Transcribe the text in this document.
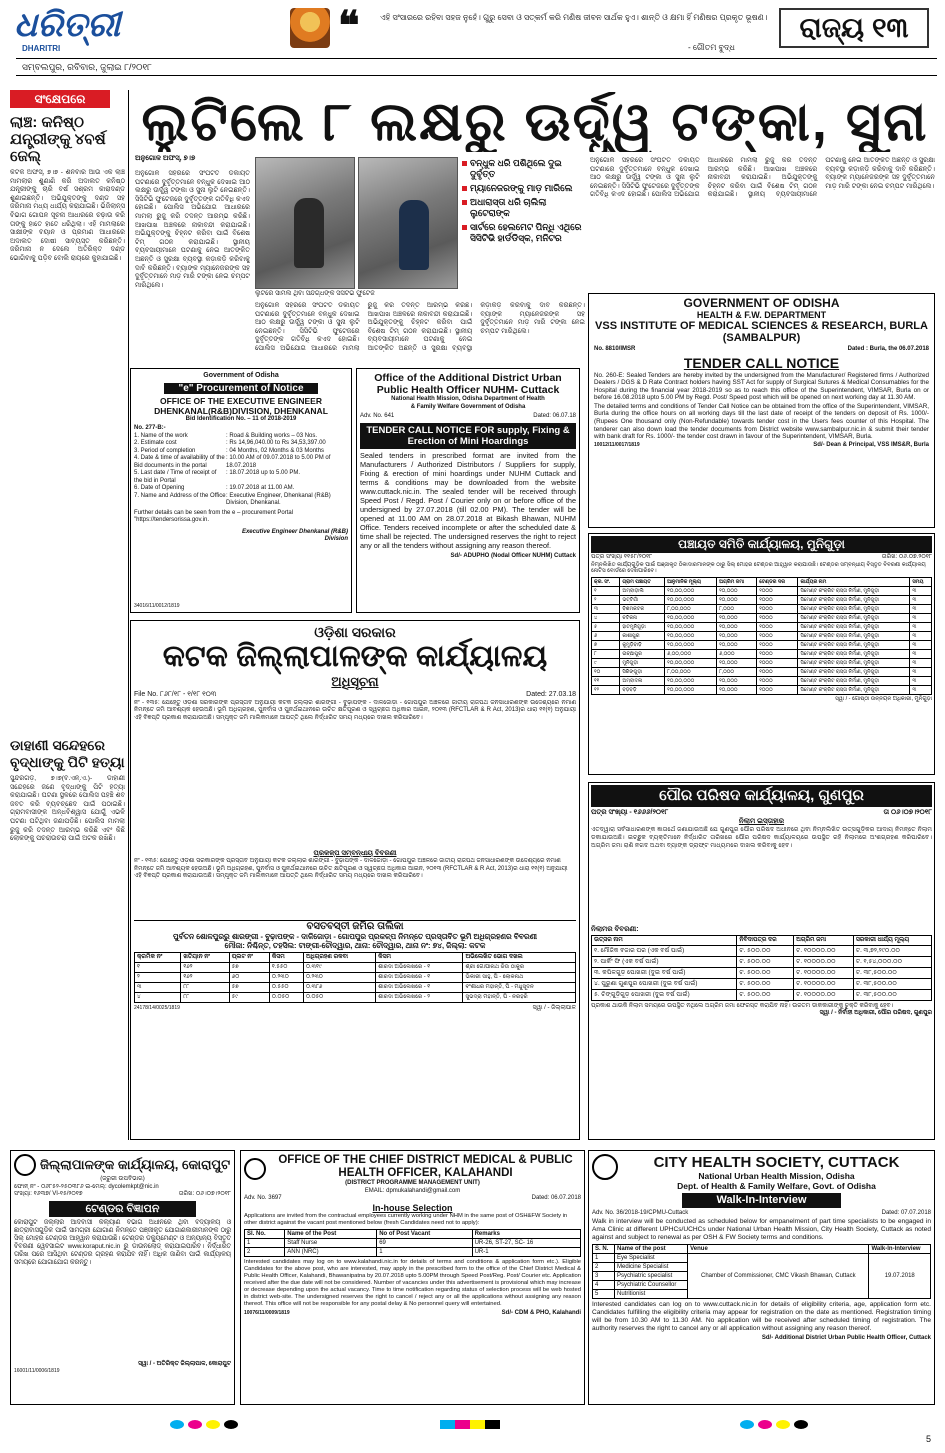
ଧରିତ୍ରୀ
DHARITRI
❝	ଏହି ସଂସାରରେ ରହିବା ସହଜ ନୁହେଁ। ଗୁରୁ ସେବା ଓ ସତ୍‌କର୍ମ କରି ମଣିଷ ଜୀବନ ସାର୍ଥକ ହୁଏ। ଶାନ୍ତି ଓ କ୍ଷମା ହିଁ ମଣିଷର ପ୍ରକୃତ ଭୂଷଣ।
- ଗୌତମ ବୁଦ୍ଧ
ରାଜ୍ୟ ୧୩
ସମ୍ବଲପୁର, ରବିବାର, ଜୁଲାଇ ୮/୨୦୧୮
ସଂକ୍ଷେପରେ
ଲାଞ୍ଚ: କନିଷ୍ଠ ଯନ୍ତ୍ରୀଙ୍କୁ ୪ବର୍ଷ ଜେଲ୍
କଟକ ଅଫିସ୍, ୭।୭ - ଶନିବାର ଆଉ ଏକ ଲାଞ୍ଚ ମାମଲାର ଶୁଣାଣି କରି ଅଦାଲତ କନିଷ୍ଠ ଯନ୍ତ୍ରୀଙ୍କୁ ଚାରି ବର୍ଷ ସଶ୍ରମ କାରାଦଣ୍ଡ ଶୁଣାଇଛନ୍ତି। ଅଭିଯୁକ୍ତଙ୍କୁ ଦଣ୍ଡ ସହ ଜରିମାନା ମଧ୍ୟ ଧାର୍ଯ୍ୟ କରାଯାଇଛି। ଭିଜିଲାନ୍ସ ବିଭାଗ ଗୋପନ ସୂଚନା ଆଧାରରେ ଚଢ଼ାଉ କରି ତାଙ୍କୁ ହାତେ ହାତେ ଧରିଥିଲା। ଏହି ମାମଲାରେ ସାକ୍ଷୀଙ୍କ ବୟାନ ଓ ପ୍ରମାଣ ଆଧାରରେ ଅଦାଲତ ଦୋଷୀ ସାବ୍ୟସ୍ତ କରିଛନ୍ତି। ଜରିମାନା ନ ଦେଲେ ଅତିରିକ୍ତ ଦଣ୍ଡ ଭୋଗିବାକୁ ପଡ଼ିବ ବୋଲି ରାୟରେ କୁହାଯାଇଛି।
ଡାହାଣୀ ସନ୍ଦେହରେ ବୃଦ୍ଧାଙ୍କୁ ପିଟି ହତ୍ୟା
ସୁନ୍ଦରଗଡ଼, ୭।୭(ବି.ଏନ୍.ଏ.)- ଡାହାଣୀ ସନ୍ଦେହରେ ଜଣେ ବୃଦ୍ଧାଙ୍କୁ ପିଟି ହତ୍ୟା କରାଯାଇଛି। ଘଟଣା ସ୍ଥଳରେ ପୋଲିସ ପହଞ୍ଚି ଶବ ଜବତ କରି ବ୍ୟବଚ୍ଛେଦ ପାଇଁ ପଠାଇଛି। ଗ୍ରାମବାସୀଙ୍କ ଅନ୍ଧବିଶ୍ୱାସ ଯୋଗୁଁ ଏଭଳି ଘଟଣା ଘଟିଥିବା ଜଣାପଡ଼ିଛି। ପୋଲିସ ମାମଲା ରୁଜୁ କରି ତଦନ୍ତ ଆରମ୍ଭ କରିଛି ଏବଂ କିଛି ଲୋକଙ୍କୁ ପଚରାଉଚରା ପାଇଁ ଅଟକ ରଖିଛି।
ଲୁଟିଲେ ୮ ଲକ୍ଷରୁ ଊର୍ଦ୍ଧ୍ୱ ଟଙ୍କା, ସୁନା
ଅନୁଗୋଳ ଅଫିସ୍, ୭।୭
ଅନୁଗୋଳ ସହରରେ ସଂଘଟିତ ଡକାୟତି ଘଟଣାରେ ଦୁର୍ବୃତ୍ତମାନେ ବନ୍ଧୁକ ଦେଖାଇ ଆଠ ଲକ୍ଷରୁ ଊର୍ଦ୍ଧ୍ୱ ଟଙ୍କା ଓ ସୁନା ଲୁଟି ନେଇଛନ୍ତି। ସିସିଟିଭି ଫୁଟେଜରେ ଦୁର୍ବୃତ୍ତଙ୍କ ଗତିବିଧି କଏଦ ହୋଇଛି। ପୋଲିସ ଅଭିଯୋଗ ଆଧାରରେ ମାମଲା ରୁଜୁ କରି ତଦନ୍ତ ଆରମ୍ଭ କରିଛି। ଆଖପାଖ ଅଞ୍ଚଳରେ ନାକାବନ୍ଦୀ କରାଯାଇଛି। ଅଭିଯୁକ୍ତଙ୍କୁ ଚିହ୍ନଟ କରିବା ପାଇଁ ବିଶେଷ ଟିମ୍ ଗଠନ କରାଯାଇଛି। ସ୍ଥାନୀୟ ବ୍ୟବସାୟୀମାନେ ଘଟଣାକୁ ନେଇ ଆତଙ୍କିତ ଅଛନ୍ତି ଓ ସୁରକ୍ଷା ବ୍ୟବସ୍ଥା କଡ଼ାକଡ଼ି କରିବାକୁ ଦାବି କରିଛନ୍ତି। ବ୍ୟାଙ୍କ ମ୍ୟାନେଜରଙ୍କ ସହ ଦୁର୍ବୃତ୍ତମାନେ ମାଡ଼ ମାରି ଟଙ୍କା ନେଇ ଚମ୍ପଟ ମାରିଥିଲେ।
ଲୁଟରେ ସାମିଲ ଥିବା ସନ୍ଦିଗ୍ଧଙ୍କ ସିସିଟିଭି ଫୁଟେଜ
ବନ୍ଧୁକ ଧରି ପଶିଥିଲେ ଦୁଇ ଦୁର୍ବୃତ୍ତ
ମ୍ୟାନେଜରଙ୍କୁ ମାଡ଼ ମାରିଲେ
ଅଧାରାସ୍ତା ଧରି ଚାଲିଲା ଲୁଟେରାଙ୍କ
ସାର୍ଟରେ ହେଲମେଟ ପିନ୍ଧି ଏଥିରେ ସିସିଟିଭି ହାର୍ଡଡିସ୍କ, ମନିଟର
ଅନୁଗୋଳ ସହରରେ ସଂଘଟିତ ଡକାୟତି ଘଟଣାରେ ଦୁର୍ବୃତ୍ତମାନେ ବନ୍ଧୁକ ଦେଖାଇ ଆଠ ଲକ୍ଷରୁ ଊର୍ଦ୍ଧ୍ୱ ଟଙ୍କା ଓ ସୁନା ଲୁଟି ନେଇଛନ୍ତି। ସିସିଟିଭି ଫୁଟେଜରେ ଦୁର୍ବୃତ୍ତଙ୍କ ଗତିବିଧି କଏଦ ହୋଇଛି। ପୋଲିସ ଅଭିଯୋଗ ଆଧାରରେ ମାମଲା ରୁଜୁ କରି ତଦନ୍ତ ଆରମ୍ଭ କରିଛି। ଆଖପାଖ ଅଞ୍ଚଳରେ ନାକାବନ୍ଦୀ କରାଯାଇଛି। ଅଭିଯୁକ୍ତଙ୍କୁ ଚିହ୍ନଟ କରିବା ପାଇଁ ବିଶେଷ ଟିମ୍ ଗଠନ କରାଯାଇଛି। ସ୍ଥାନୀୟ ବ୍ୟବସାୟୀମାନେ ଘଟଣାକୁ ନେଇ ଆତଙ୍କିତ ଅଛନ୍ତି ଓ ସୁରକ୍ଷା ବ୍ୟବସ୍ଥା କଡ଼ାକଡ଼ି କରିବାକୁ ଦାବି କରିଛନ୍ତି। ବ୍ୟାଙ୍କ ମ୍ୟାନେଜରଙ୍କ ସହ ଦୁର୍ବୃତ୍ତମାନେ ମାଡ଼ ମାରି ଟଙ୍କା ନେଇ ଚମ୍ପଟ ମାରିଥିଲେ।
ଅନୁଗୋଳ ସହରରେ ସଂଘଟିତ ଡକାୟତି ଘଟଣାରେ ଦୁର୍ବୃତ୍ତମାନେ ବନ୍ଧୁକ ଦେଖାଇ ଆଠ ଲକ୍ଷରୁ ଊର୍ଦ୍ଧ୍ୱ ଟଙ୍କା ଓ ସୁନା ଲୁଟି ନେଇଛନ୍ତି। ସିସିଟିଭି ଫୁଟେଜରେ ଦୁର୍ବୃତ୍ତଙ୍କ ଗତିବିଧି କଏଦ ହୋଇଛି। ପୋଲିସ ଅଭିଯୋଗ ଆଧାରରେ ମାମଲା ରୁଜୁ କରି ତଦନ୍ତ ଆରମ୍ଭ କରିଛି। ଆଖପାଖ ଅଞ୍ଚଳରେ ନାକାବନ୍ଦୀ କରାଯାଇଛି। ଅଭିଯୁକ୍ତଙ୍କୁ ଚିହ୍ନଟ କରିବା ପାଇଁ ବିଶେଷ ଟିମ୍ ଗଠନ କରାଯାଇଛି। ସ୍ଥାନୀୟ ବ୍ୟବସାୟୀମାନେ ଘଟଣାକୁ ନେଇ ଆତଙ୍କିତ ଅଛନ୍ତି ଓ ସୁରକ୍ଷା ବ୍ୟବସ୍ଥା କଡ଼ାକଡ଼ି କରିବାକୁ ଦାବି କରିଛନ୍ତି। ବ୍ୟାଙ୍କ ମ୍ୟାନେଜରଙ୍କ ସହ ଦୁର୍ବୃତ୍ତମାନେ ମାଡ଼ ମାରି ଟଙ୍କା ନେଇ ଚମ୍ପଟ ମାରିଥିଲେ।
Government of Odisha
"e" Procurement of Notice
OFFICE OF THE EXECUTIVE ENGINEER DHENKANAL(R&B)DIVISION, DHENKANAL
Bid Identification No. – 11 of 2018-2019
No. 277-B:-
1. Name of the work	: Road & Building works – 03 Nos.
2. Estimate cost	: Rs 14,96,040.00 to Rs 34,53,397.00
3. Period of completion	: 04 Months, 02 Months & 03 Months
4. Date & time of availability of the Bid documents in the portal
: 10.00 AM of 09.07.2018 to 5.00 PM of 18.07.2018
5. Last date / Time of receipt of the bid in Portal
: 18.07.2018 up to 5.00 PM.
6. Date of Opening	: 19.07.2018 at 11.00 AM.
7. Name and Address of the Office : Executive Engineer, Dhenkanal (R&B) Division, Dhenkanal.
Further details can be seen from the e – procurement Portal "https://tendersorissa.gov.in.
Executive Engineer Dhenkanal (R&B) Division
34016/11/0012/1819
Office of the Additional District Urban Public Health Officer NUHM- Cuttack
National Health Mission, Odisha Department of Health & Family Welfare Government of Odisha
Adv. No. 641	Dated: 06.07.18
TENDER CALL NOTICE FOR supply, Fixing & Erection of Mini Hoardings
Sealed tenders in prescribed format are invited from the Manufacturers / Authorized Distributors / Suppliers for supply, Fixing & erection of mini hoardings under NUHM Cuttack and terms & conditions may be downloaded from the website www.cuttack.nic.in. The sealed tender will be received through Speed Post / Regd. Post / Courier only on or before office of the undersigned by 27.07.2018 (till 02.00 PM). The tender will be opened at 11.00 AM on 28.07.2018 at Bikash Bhawan, NUHM Office. Tenders received incomplete or after the scheduled date & time shall be rejected. The undersigned reserves the right to reject any or all the tenders without assigning any reason thereof.
Sd/- ADUPHO (Nodal Officer NUHM) Cuttack
GOVERNMENT OF ODISHA
HEALTH & F.W. DEPARTMENT
VSS INSTITUTE OF MEDICAL SCIENCES & RESEARCH, BURLA (SAMBALPUR)
No. 8810/IMSR	Dated : Burla, the 06.07.2018
TENDER CALL NOTICE
No. 260-E: Sealed Tenders are hereby invited by the undersigned from the Manufacturer/ Registered firms / Authorized Dealers / DGS & D Rate Contract holders having SST Act for supply of Surgical Sutures & Medical Consumables for the Hospital during the financial year 2018-2019 so as to reach this office of the Superintendent, VIMSAR, Burla on or before 16.08.2018 upto 5.00 PM by Regd. Post/ Speed post which will be opened on next working day at 11.30 AM.
The detailed terms and conditions of Tender Call Notice can be obtained from the office of the Superintendent, VIMSAR, Burla during the office hours on all working days till the last date of receipt of the tenders on deposit of Rs. 1000/- (Rupees One thousand only (Non-Refundable) towards tender cost in the Users fees counter of this Hospital. The tenderer can also down load the tender documents from District website www.sambalpur.nic.in & submit their tender with bank draft for Rs. 1000/- the tender cost drawn in favour of the Superintendent, VIMSAR, Burla.
10012/11/0017/1819	Sd/- Dean & Principal, VSS IMS&R, Burla
ପଞ୍ଚାୟତ ସମିତି କାର୍ଯ୍ୟାଳୟ, ମୁନିଗୁଡ଼ା
ପତ୍ର ସଂଖ୍ୟା ୧୧୫୮/୨୦୧୮	ତାରିଖ: ୦୬.୦୭.୨୦୧୮
ନିମ୍ନଲିଖିତ କାର୍ଯ୍ୟଗୁଡ଼ିକ ପାଇଁ ପଞ୍ଜୀକୃତ ଠିକାଦାରମାନଙ୍କ ଠାରୁ ସିଲ୍ ମୋହର ଟେଣ୍ଡର ଆହ୍ୱାନ କରାଯାଉଛି। ଟେଣ୍ଡର ସମ୍ବନ୍ଧୀୟ ବିସ୍ତୃତ ବିବରଣୀ କାର୍ଯ୍ୟାଳୟ ନୋଟିସ ବୋର୍ଡରେ ଦେଖିପାରିବେ।
କ୍ର. ସଂ.	ଗ୍ରାମ ପଞ୍ଚାୟତ	ଆନୁମାନିକ ମୂଲ୍ୟ	ଅଗ୍ରିମ ଜମା	ଟେଣ୍ଡର ଦର	କାର୍ଯ୍ୟର ନାମ	ସମୟ
୧	ଅମ୍ବାଡ଼ାଲି	୧୦,୦୦,୦୦୦	୧୦,୦୦୦	୧୦୦୦	ସିମେଣ୍ଟ କଂକ୍ରିଟ ରାସ୍ତା ନିର୍ମାଣ, ମୁନିଗୁଡ଼ା	୩
୨	ଭଟ୍ଟିଗାଁ	୧୦,୦୦,୦୦୦	୧୦,୦୦୦	୧୦୦୦	ସିମେଣ୍ଟ କଂକ୍ରିଟ ରାସ୍ତା ନିର୍ମାଣ, ମୁନିଗୁଡ଼ା	୩
୩	ବିଶମକଟକ	୮,୦୦,୦୦୦	୮,୦୦୦	୧୦୦୦	ସିମେଣ୍ଟ କଂକ୍ରିଟ ରାସ୍ତା ନିର୍ମାଣ, ମୁନିଗୁଡ଼ା	୩
୪	ଚଟିକନା	୧୦,୦୦,୦୦୦	୧୦,୦୦୦	୧୦୦୦	ସିମେଣ୍ଟ କଂକ୍ରିଟ ରାସ୍ତା ନିର୍ମାଣ, ମୁନିଗୁଡ଼ା	୩
୫	ହାଟମୁନିଗୁଡ଼ା	୧୦,୦୦,୦୦୦	୧୦,୦୦୦	୧୦୦୦	ସିମେଣ୍ଟ କଂକ୍ରିଟ ରାସ୍ତା ନିର୍ମାଣ, ମୁନିଗୁଡ଼ା	୩
୬	କାଶୀପୁର	୧୦,୦୦,୦୦୦	୧୦,୦୦୦	୧୦୦୦	ସିମେଣ୍ଟ କଂକ୍ରିଟ ରାସ୍ତା ନିର୍ମାଣ, ମୁନିଗୁଡ଼ା	୩
୭	କୁମୁଡ଼ିବାଡ଼ି	୧୦,୦୦,୦୦୦	୧୦,୦୦୦	୧୦୦୦	ସିମେଣ୍ଟ କଂକ୍ରିଟ ରାସ୍ତା ନିର୍ମାଣ, ମୁନିଗୁଡ଼ା	୩
୮	ଇଚ୍ଛାପୁର	୬,୦୦,୦୦୦	୬,୦୦୦	୧୦୦୦	ସିମେଣ୍ଟ କଂକ୍ରିଟ ରାସ୍ତା ନିର୍ମାଣ, ମୁନିଗୁଡ଼ା	୩
୯	ମୁନିଗୁଡ଼ା	୧୦,୦୦,୦୦୦	୧୦,୦୦୦	୧୦୦୦	ସିମେଣ୍ଟ କଂକ୍ରିଟ ରାସ୍ତା ନିର୍ମାଣ, ମୁନିଗୁଡ଼ା	୩
୧୦	ସିରିଙ୍ଗୁଡ଼ା	୮,୦୦,୦୦୦	୮,୦୦୦	୧୦୦୦	ସିମେଣ୍ଟ କଂକ୍ରିଟ ରାସ୍ତା ନିର୍ମାଣ, ମୁନିଗୁଡ଼ା	୩
୧୧	ଅମ୍ବାଦଳା	୧୦,୦୦,୦୦୦	୧୦,୦୦୦	୧୦୦୦	ସିମେଣ୍ଟ କଂକ୍ରିଟ ରାସ୍ତା ନିର୍ମାଣ, ମୁନିଗୁଡ଼ା	୩
୧୨	ବଡ଼ବଡ଼ି	୧୦,୦୦,୦୦୦	୧୦,୦୦୦	୧୦୦୦	ସିମେଣ୍ଟ କଂକ୍ରିଟ ରାସ୍ତା ନିର୍ମାଣ, ମୁନିଗୁଡ଼ା	୩
ସ୍ୱା / - ଗୋଷ୍ଠୀ ଉନ୍ନୟନ ଅଧିକାରୀ, ମୁନିଗୁଡ଼ା
ଓଡ଼ିଶା ସରକାର
କଟକ ଜିଲ୍ଲାପାଳଙ୍କ କାର୍ଯ୍ୟାଳୟ
ଅଧିସୂଚନା
File No. ୮୬୮/୧୮ - ୧/୧୮ ୧୦୩	Dated: 27.03.18
ନଂ - ୧୩୫: ଯେହେତୁ ଓଡ଼ିଶା ସରକାରଙ୍କ ପ୍ରସ୍ତାବ ଅନୁଯାୟୀ କଟକ ଜିଲ୍ଲାର ଶାରଙ୍ଗୀ - ବୁଢ଼ାପଙ୍କ - ଦାଳିଜୋଡ଼ା - ଗୋପପୁର ଅଞ୍ଚଳରେ ଜାତୀୟ ରାଜପଥ ଜନସାଧାରଣଙ୍କ ଉଦ୍ଦେଶ୍ୟରେ ନିର୍ମାଣ ନିମନ୍ତେ ଜମି ଆବଶ୍ୟକ ହେଉଅଛି। ଭୂମି ଅଧିଗ୍ରହଣ, ପୁନର୍ବାସ ଓ ପୁନର୍ଥଇଥାନରେ ଉଚିତ କ୍ଷତିପୂରଣ ଓ ସ୍ୱଚ୍ଛତା ଅଧିକାର ଆଇନ, ୨୦୧୩ (RFCTLAR & R Act, 2013)ର ଧାରା ୧୧(୧) ଅନୁଯାୟୀ ଏହି ବିଜ୍ଞପ୍ତି ପ୍ରକାଶ କରାଯାଉଅଛି। ସମ୍ପୃକ୍ତ ଜମି ମାଲିକମାନେ ଆପତ୍ତି ଥିଲେ ନିର୍ଦ୍ଧାରିତ ସମୟ ମଧ୍ୟରେ ଦାଖଲ କରିପାରିବେ।
ପ୍ରକଳ୍ପ ସମ୍ବନ୍ଧୀୟ ବିବରଣୀ
ନଂ - ୧୩୫: ଯେହେତୁ ଓଡ଼ିଶା ସରକାରଙ୍କ ପ୍ରସ୍ତାବ ଅନୁଯାୟୀ କଟକ ଜିଲ୍ଲାର ଶାରଙ୍ଗୀ - ବୁଢ଼ାପଙ୍କ - ଦାଳିଜୋଡ଼ା - ଗୋପପୁର ଅଞ୍ଚଳରେ ଜାତୀୟ ରାଜପଥ ଜନସାଧାରଣଙ୍କ ଉଦ୍ଦେଶ୍ୟରେ ନିର୍ମାଣ ନିମନ୍ତେ ଜମି ଆବଶ୍ୟକ ହେଉଅଛି। ଭୂମି ଅଧିଗ୍ରହଣ, ପୁନର୍ବାସ ଓ ପୁନର୍ଥଇଥାନରେ ଉଚିତ କ୍ଷତିପୂରଣ ଓ ସ୍ୱଚ୍ଛତା ଅଧିକାର ଆଇନ, ୨୦୧୩ (RFCTLAR & R Act, 2013)ର ଧାରା ୧୧(୧) ଅନୁଯାୟୀ ଏହି ବିଜ୍ଞପ୍ତି ପ୍ରକାଶ କରାଯାଉଅଛି। ସମ୍ପୃକ୍ତ ଜମି ମାଲିକମାନେ ଆପତ୍ତି ଥିଲେ ନିର୍ଦ୍ଧାରିତ ସମୟ ମଧ୍ୟରେ ଦାଖଲ କରିପାରିବେ।
ବସତବସ୍ତୀ ଜମିର ତାଲିକା
ପୁର୍ବତନ ଶୋଳପୁରରୁ ଶାରଙ୍ଗୀ - ବୁଢ଼ାପଙ୍କ - ଦାଳିଜୋଡ଼ା - ଗୋପପୁର ପ୍ରକଳ୍ପ ନିମନ୍ତେ ପ୍ରସ୍ତାବିତ ଭୂମି ଅଧିଗ୍ରହଣର ବିବରଣୀ
ମୌଜା: ନିଶ୍ଚିନ୍ତ, ତହସିଲ: ଟାଙ୍ଗୀ-ଚୌଦ୍ୱାର, ଥାନା: ଚୌଦ୍ୱାର, ଥାନା ନଂ: ୭୪, ଜିଲ୍ଲା: କଟକ
କ୍ରମିକ ନଂ	ଖତିୟାନ ନଂ	ପ୍ଲଟ ନଂ	କିସମ	ଅଧିଗ୍ରହଣ ରକବା	କିସମ	ଅଭିଲେଖିତ ଭୋଗ ଦଖଲ
୧	୧୬୨	୫୭	୧.୫୫୦	୦.୩୧୯	ଶାରଦା ଅଭିଲେଖରେ - ୧	ଶ୍ରୀ ଗୋପୀନାଥ ଜିଉ ଠାକୁର
୨	୧୬୨	୬୦	୦.୨୩୦	୦.୨୩୦	ଶାରଦା ଅଭିଲେଖରେ - ୧	ଭିକାରୀ ସାହୁ, ପି - ଲୋକନାଥ
୩	୮୮	୫୭	୦.୫୫୦	୦.୩୮୬	ଶାରଦା ଅଭିଲେଖରେ - ୧	ବଂଶୀଧର ମହାନ୍ତି, ପି - ମଧୁସୂଦନ
୪	୮୮	୫୯	୦.୦୫୦	୦.୦୫୦	ଶାରଦା ଅଭିଲେଖରେ - ୨	ସୁଭଦ୍ରା ମହାନ୍ତି, ପି - ନରହରି
24178/14/0025/1819	ସ୍ୱା / - ଜିଲ୍ଲାପାଳ
ପୌର ପରିଷଦ କାର୍ଯ୍ୟାଳୟ, ଗୁଣପୁର
ପତ୍ର ସଂଖ୍ୟା - ୧୬୬୬/୨୦୧୮	ତା ୦୬।୦୭।୨୦୧୮
ନିଲାମ ଇସ୍ତାହାର
ଏତଦ୍ୱାରା ସର୍ବସାଧାରଣଙ୍କ ଜ୍ଞାତାର୍ଥେ ଜଣାଯାଉଅଛି ଯେ ଗୁଣପୁର ପୌର ପରିଷଦ ଅଧୀନରେ ଥିବା ନିମ୍ନଲିଖିତ ଉତ୍ସଗୁଡ଼ିକର ଆଦାୟ ନିମନ୍ତେ ନିଲାମ ଡକାଯାଉଅଛି। ଇଚ୍ଛୁକ ବ୍ୟକ୍ତିମାନେ ନିର୍ଦ୍ଧାରିତ ତାରିଖରେ ପୌର ପରିଷଦ କାର୍ଯ୍ୟାଳୟରେ ଉପସ୍ଥିତ ରହି ନିଲାମରେ ଅଂଶଗ୍ରହଣ କରିପାରିବେ। ଅଗ୍ରିମ ଜମା ରାଶି ନଗଦ ଅଥବା ବ୍ୟାଙ୍କ ଡ୍ରାଫ୍ଟ ମାଧ୍ୟମରେ ଦାଖଲ କରିବାକୁ ହେବ।
ନିଲାମର ବିବରଣୀ:
ଉତ୍ସର ନାମ	ନିବିଦାପତ୍ର ଦର	ଅଗ୍ରିମ ଜମା	ସରକାରୀ ଧାର୍ଯ୍ୟ ମୂଲ୍ୟ
୧. ମୌଜିକ ବଜାର ଘର (ଏକ ବର୍ଷ ପାଇଁ)	ଟ. ୫୦୦.୦୦	ଟ. ୧୦୦୦୦.୦୦	ଟ. ୩,୭୨,୨୯୦.୦୦
୨. ପାର୍କିଂ ଫି (ଏକ ବର୍ଷ ପାଇଁ)	ଟ. ୫୦୦.୦୦	ଟ. ୧୦୦୦୦.୦୦	ଟ. ୧,୫୪,୦୦୦.୦୦
୩. କପିଳଗୁଡ଼ ପୋଖରୀ (ଦୁଇ ବର୍ଷ ପାଇଁ)	ଟ. ୫୦୦.୦୦	ଟ. ୧୦୦୦୦.୦୦	ଟ. ୩୮,୫୦୦.୦୦
୪. ପୁରୁଣା ଗୁଣପୁର ପୋଖରୀ (ଦୁଇ ବର୍ଷ ପାଇଁ)	ଟ. ୫୦୦.୦୦	ଟ. ୧୦୦୦୦.୦୦	ଟ. ୩୮,୫୦୦.୦୦
୫. ଚିଙ୍ଗୁଡ଼ିଗୁଡ଼ ପୋଖରୀ (ଦୁଇ ବର୍ଷ ପାଇଁ)	ଟ. ୫୦୦.୦୦	ଟ. ୧୦୦୦୦.୦୦	ଟ. ୩୮,୫୦୦.୦୦
ପ୍ରକାଶ ଥାଉକି ନିଲାମ ସମୟରେ ଉପସ୍ଥିତ ନଥିଲେ ଅଗ୍ରିମ ଜମା ଫେରସ୍ତ କରାଯିବ ନାହିଁ। ଉଚ୍ଚତମ ଡାକକାରୀଙ୍କୁ ଚୁକ୍ତି କରିବାକୁ ହେବ।
ସ୍ୱା / - ନିର୍ବାହୀ ଅଧିକାରୀ, ପୌର ପରିଷଦ, ଗୁଣପୁର
ଜିଲ୍ଲାପାଳଙ୍କ କାର୍ଯ୍ୟାଳୟ, କୋରାପୁଟ
(ଜରୁରୀ ଉପବିଭାଗ)
ଫୋନ୍ ନଂ - ୦୬୮୫୨-୨୫୦୩୮୬ ଇ-ମେଲ୍: dycolemkpt@nic.in
ସଂଖ୍ୟା: ୧୬୩୭/ VI-୧୫/୨୦୧୭	ତାରିଖ: ୦୬।୦୭।୨୦୧୮
ଟେଣ୍ଡର ବିଜ୍ଞାପନ
କୋରାପୁଟ ଜିଲ୍ଲାର ଆଦିବାସୀ କଲ୍ୟାଣ ବିଭାଗ ଅଧୀନରେ ଥିବା ବିଦ୍ୟାଳୟ ଓ ଛାତ୍ରାବାସଗୁଡ଼ିକ ପାଇଁ ସାମଗ୍ରୀ ଯୋଗାଣ ନିମନ୍ତେ ପଞ୍ଜୀକୃତ ଯୋଗାଣକାରୀମାନଙ୍କ ଠାରୁ ସିଲ୍ ମୋହର ଟେଣ୍ଡର ଆହ୍ୱାନ କରାଯାଉଛି। ଟେଣ୍ଡର ଡକ୍ୟୁମେଣ୍ଟ ଓ ଅନ୍ୟାନ୍ୟ ବିସ୍ତୃତ ବିବରଣୀ ୱେବସାଇଟ www.koraput.nic.in ରୁ ଡାଉନଲୋଡ୍ କରାଯାଇପାରିବ। ନିର୍ଦ୍ଧାରିତ ତାରିଖ ପରେ ଆସିଥିବା ଟେଣ୍ଡର ଗ୍ରହଣ କରାଯିବ ନାହିଁ। ଅଧିକ ଜାଣିବା ପାଇଁ କାର୍ଯ୍ୟାଳୟ ସମୟରେ ଯୋଗାଯୋଗ କରନ୍ତୁ।
ସ୍ୱା / - ଅତିରିକ୍ତ ଜିଲ୍ଲାପାଳ, କୋରାପୁଟ
16001/11/0006/1819
OFFICE OF THE CHIEF DISTRICT MEDICAL & PUBLIC HEALTH OFFICER, KALAHANDI
(DISTRICT PROGRAMME MANAGEMENT UNIT)
EMAIL: dpmukalahandi@gmail.com
Adv. No. 3697	Dated: 06.07.2018
In-house Selection
Applications are invited from the contractual employees currently working under NHM in the same post of OSH&FW Society in other district against the vacant post mentioned below (fresh Candidates need not to apply):
Sl. No.	Name of the Post	No of Post Vacant	Remarks
1	Staff Nurse	69	UR-26, ST-27, SC- 16
2	ANN (NRC)	1	UR-1
Interested candidates may log on to www.kalahandi.nic.in for details of terms and conditions & application form etc.). Eligible Candidates for the above post, who are interested, may apply in the prescribed form to the office of the Chief District Medical & Public Health Officer, Kalahandi, Bhawanipatna by 20.07.2018 upto 5.00PM through Speed Post/Reg. Post/ Courier etc. Application received after the due date will not be considered. Number of vacancies under this advertisement is provisional which may increase or decrease depending upon the actual vacancy. Time to time notification regarding status of selection process will be web hosted in district web-site. The undersigned reserves the right to cancel / reject any or all the applications without assigning any reason thereof. This office will not be responsible for any postal delay & No personnel query will entertained.
10076/11/0009/1819	Sd/- CDM & PHO, Kalahandi
CITY HEALTH SOCIETY, CUTTACK
National Urban Health Mission, Odisha
Dept. of Health & Family Welfare, Govt. of Odisha
Walk-In-Interview
Adv. No. 36/2018-19/CPMU-Cuttack	Dated: 07.07.2018
Walk in interview will be conducted as scheduled below for empanelment of part time specialists to be engaged in Ama Clinic at different UPHCs/UCHCs under National Urban Health Mission, City Health Society, Cuttack as noted against and subject to renewal as per OSH & FW Society terms and conditions.
S. N.	Name of the post	Venue	Walk-In-Interview
1	Eye Specialist	Chamber of Commissioner, CMC Vikash Bhawan, Cuttack	19.07.2018
2	Medicine Specialist		
3	Psychiatric specialist		
4	Psychiatric Counsellor		
5	Nutritionist		
Interested candidates can log on to www.cuttack.nic.in for details of eligibility criteria, age, application form etc. Candidates fulfilling the eligibility criteria may appear for registration on the date as mentioned. Registration timing will be from 10.30 AM to 11.30 AM. No application will be received after scheduled timing of registration. The authority reserves the right to cancel any or all application without assigning any reason thereof.
Sd/- Additional District Urban Public Health Officer, Cuttack
5
